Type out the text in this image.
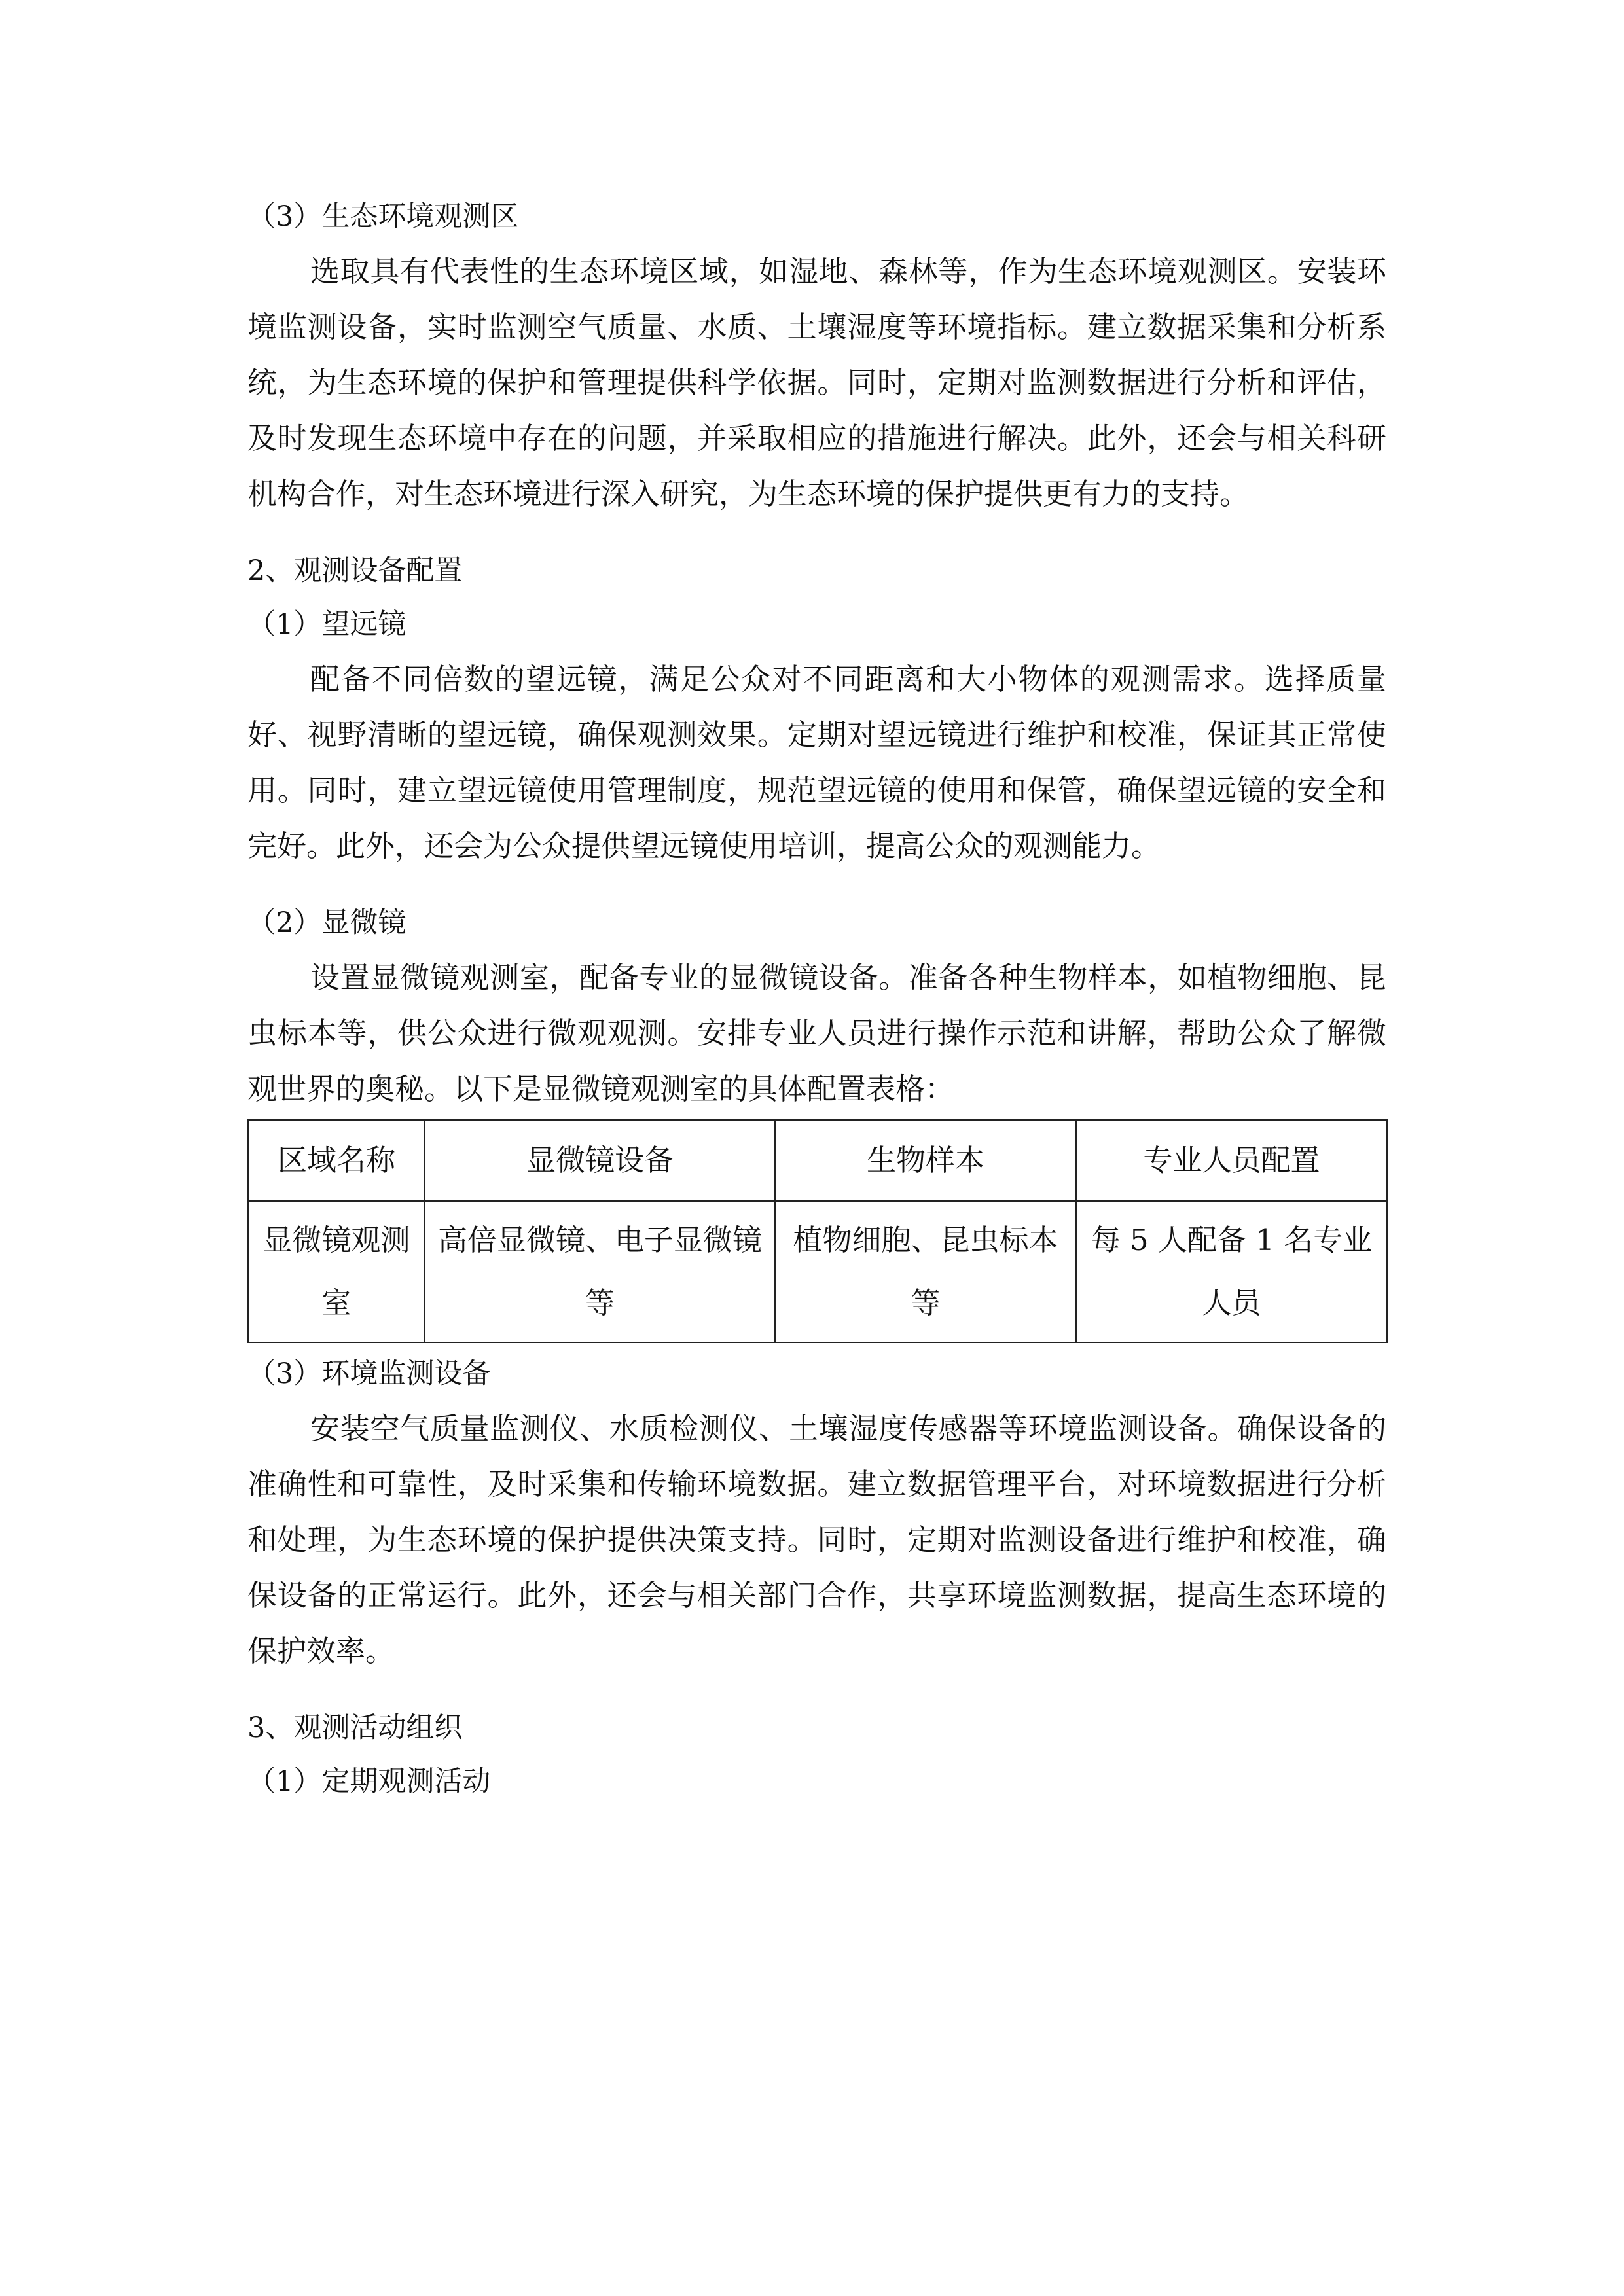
（3）生态环境观测区

选取具有代表性的生态环境区域，如湿地、森林等，作为生态环境观测区。安装环境监测设备，实时监测空气质量、水质、土壤湿度等环境指标。建立数据采集和分析系统，为生态环境的保护和管理提供科学依据。同时，定期对监测数据进行分析和评估，及时发现生态环境中存在的问题，并采取相应的措施进行解决。此外，还会与相关科研机构合作，对生态环境进行深入研究，为生态环境的保护提供更有力的支持。

2、观测设备配置
（1）望远镜

配备不同倍数的望远镜，满足公众对不同距离和大小物体的观测需求。选择质量好、视野清晰的望远镜，确保观测效果。定期对望远镜进行维护和校准，保证其正常使用。同时，建立望远镜使用管理制度，规范望远镜的使用和保管，确保望远镜的安全和完好。此外，还会为公众提供望远镜使用培训，提高公众的观测能力。

（2）显微镜

设置显微镜观测室，配备专业的显微镜设备。准备各种生物样本，如植物细胞、昆虫标本等，供公众进行微观观测。安排专业人员进行操作示范和讲解，帮助公众了解微观世界的奥秘。以下是显微镜观测室的具体配置表格：

区域名称	显微镜设备	生物样本	专业人员配置
显微镜观测室	高倍显微镜、电子显微镜等	植物细胞、昆虫标本等	每 5 人配备 1 名专业人员
（3）环境监测设备

安装空气质量监测仪、水质检测仪、土壤湿度传感器等环境监测设备。确保设备的准确性和可靠性，及时采集和传输环境数据。建立数据管理平台，对环境数据进行分析和处理，为生态环境的保护提供决策支持。同时，定期对监测设备进行维护和校准，确保设备的正常运行。此外，还会与相关部门合作，共享环境监测数据，提高生态环境的保护效率。

3、观测活动组织
（1）定期观测活动
